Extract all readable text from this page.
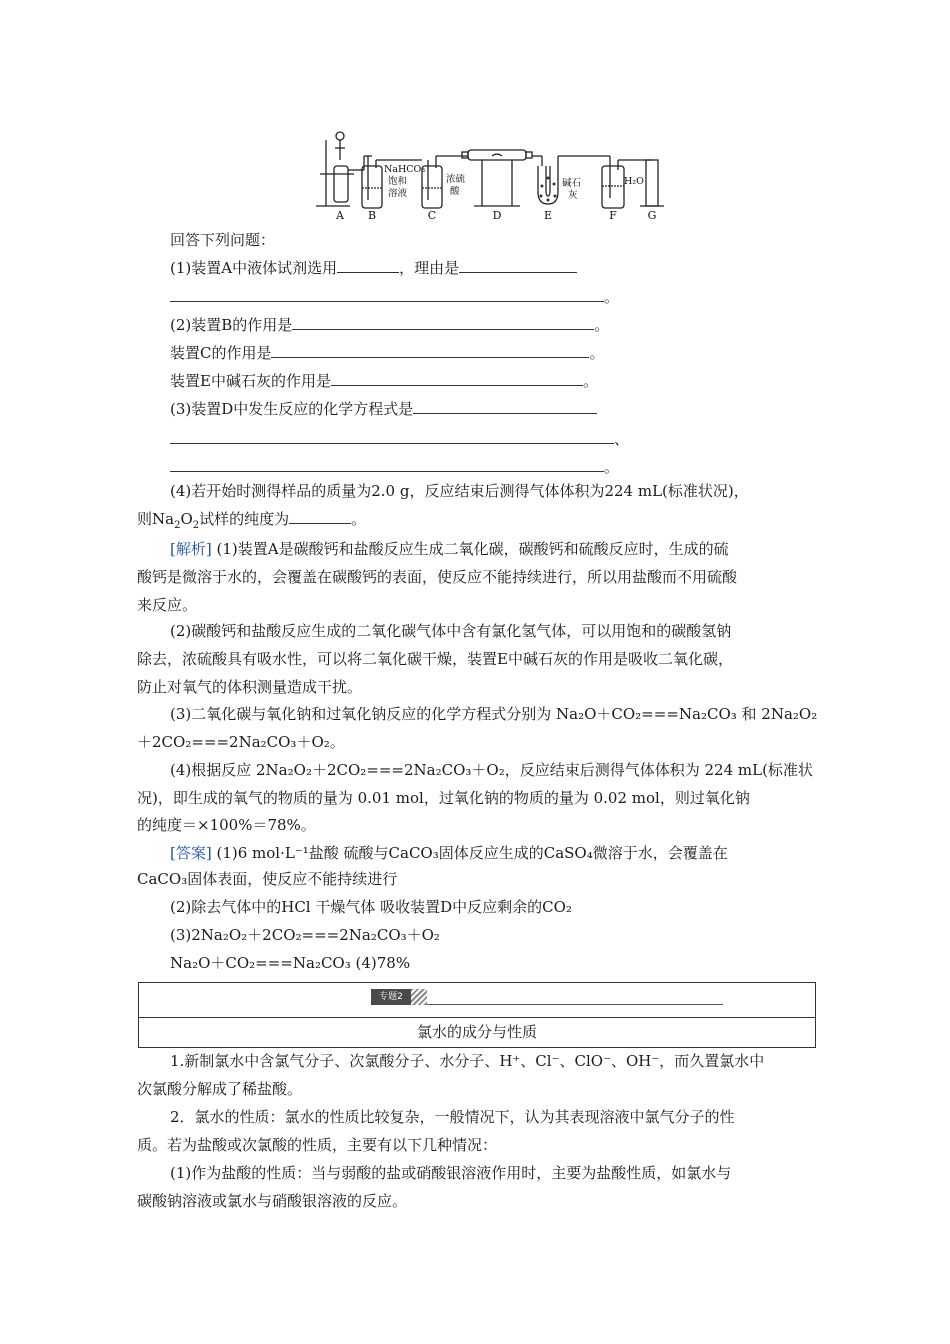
A B	C	D	E	F	G
NaHCO₃
饱和
溶液
浓硫
酸
碱石
灰
H₂O
回答下列问题：
(1)装置A中液体试剂选用	，理由是
。
(2)装置B的作用是	。
装置C的作用是	。
装置E中碱石灰的作用是	。
(3)装置D中发生反应的化学方程式是
、
。
(4)若开始时测得样品的质量为2.0 g，反应结束后测得气体体积为224 mL(标准状况)，
则$Na_2O_2$试样的纯度为	。
[解析] (1)装置A是碳酸钙和盐酸反应生成二氧化碳，碳酸钙和硫酸反应时，生成的硫
酸钙是微溶于水的，会覆盖在碳酸钙的表面，使反应不能持续进行，所以用盐酸而不用硫酸
来反应。
(2)碳酸钙和盐酸反应生成的二氧化碳气体中含有氯化氢气体，可以用饱和的碳酸氢钠
除去，浓硫酸具有吸水性，可以将二氧化碳干燥，装置E中碱石灰的作用是吸收二氧化碳，
防止对氧气的体积测量造成干扰。
(3)二氧化碳与氧化钠和过氧化钠反应的化学方程式分别为 Na₂O＋CO₂===Na₂CO₃ 和 2Na₂O₂
＋2CO₂===2Na₂CO₃＋O₂。
(4)根据反应 2Na₂O₂＋2CO₂===2Na₂CO₃＋O₂，反应结束后测得气体体积为 224 mL(标准状
况)，即生成的氧气的物质的量为 0.01 mol，过氧化钠的物质的量为 0.02 mol，则过氧化钠
的纯度＝×100%＝78%。
[答案] (1)6 mol·L⁻¹盐酸 硫酸与CaCO₃固体反应生成的CaSO₄微溶于水，会覆盖在
CaCO₃固体表面，使反应不能持续进行
(2)除去气体中的HCl 干燥气体 吸收装置D中反应剩余的CO₂
(3)2Na₂O₂＋2CO₂===2Na₂CO₃＋O₂
Na₂O＋CO₂===Na₂CO₃ (4)78%
专题2
氯水的成分与性质
1.新制氯水中含氯气分子、次氯酸分子、水分子、H⁺、Cl⁻、ClO⁻、OH⁻，而久置氯水中
次氯酸分解成了稀盐酸。
2．氯水的性质：氯水的性质比较复杂，一般情况下，认为其表现溶液中氯气分子的性
质。若为盐酸或次氯酸的性质，主要有以下几种情况：
(1)作为盐酸的性质：当与弱酸的盐或硝酸银溶液作用时，主要为盐酸性质，如氯水与
碳酸钠溶液或氯水与硝酸银溶液的反应。
